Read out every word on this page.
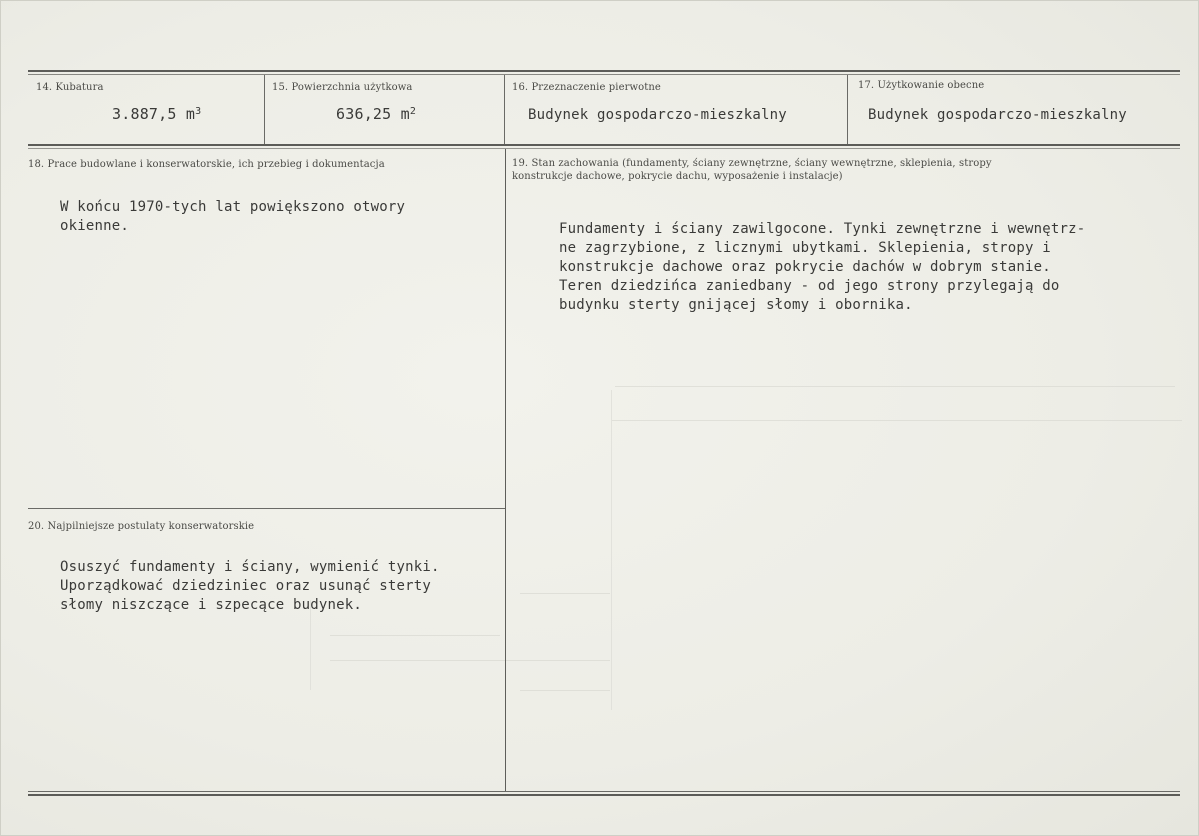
14. Kubatura
3.887,5 $m^3$
15. Powierzchnia użytkowa
636,25 $m^2$
16. Przeznaczenie pierwotne
Budynek gospodarczo-mieszkalny
17. Użytkowanie obecne
Budynek gospodarczo-mieszkalny
18. Prace budowlane i konserwatorskie, ich przebieg i dokumentacja
W końcu 1970-tych lat powiększono otwory
okienne.
19. Stan zachowania (fundamenty, ściany zewnętrzne, ściany wewnętrzne, sklepienia, stropy
konstrukcje dachowe, pokrycie dachu, wyposażenie i instalacje)
Fundamenty i ściany zawilgocone. Tynki zewnętrzne i wewnętrz-
ne zagrzybione, z licznymi ubytkami. Sklepienia, stropy i
konstrukcje dachowe oraz pokrycie dachów w dobrym stanie.
Teren dziedzińca zaniedbany - od jego strony przylegają do
budynku sterty gnijącej słomy i obornika.
20. Najpilniejsze postulaty konserwatorskie
Osuszyć fundamenty i ściany, wymienić tynki.
Uporządkować dziedziniec oraz usunąć sterty
słomy niszczące i szpecące budynek.
